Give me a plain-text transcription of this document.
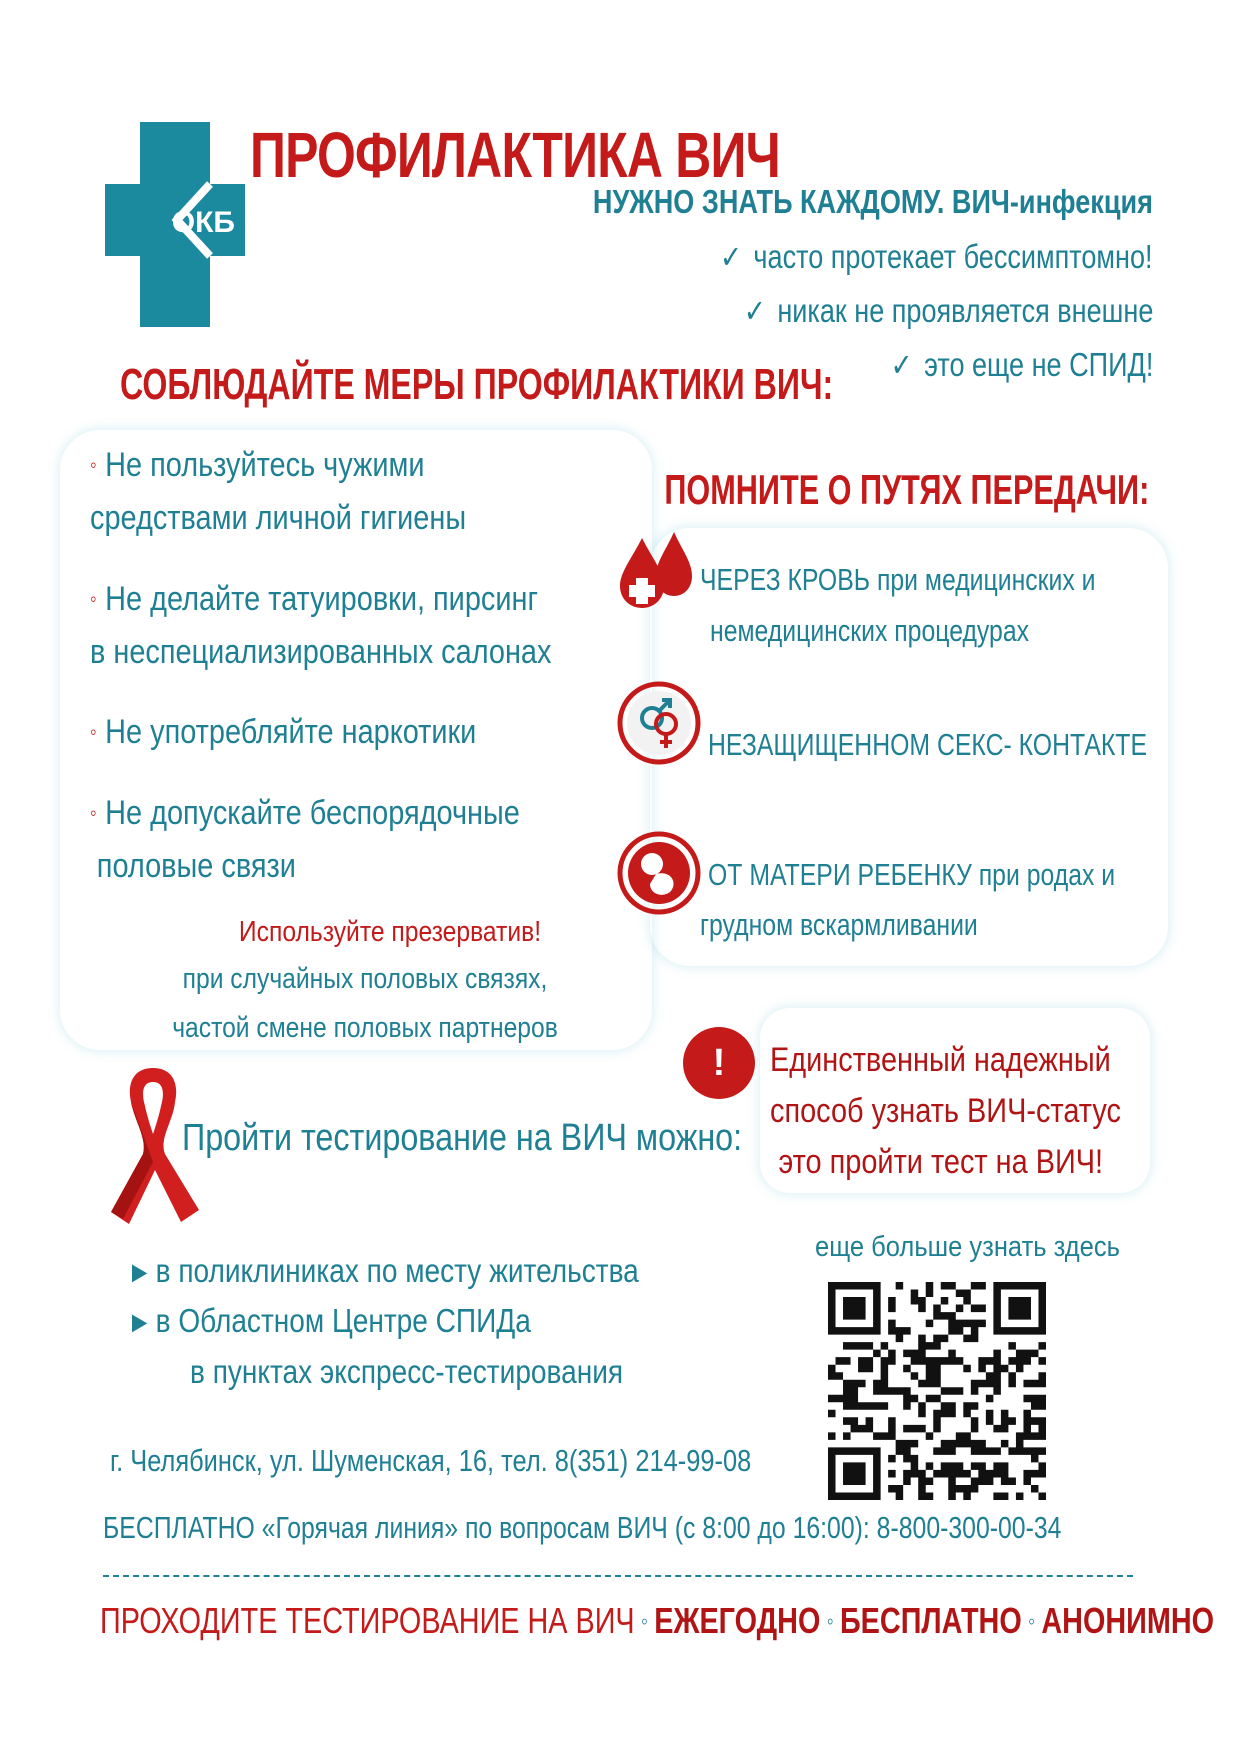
ОКБ
ПРОФИЛАКТИКА ВИЧ
НУЖНО ЗНАТЬ КАЖДОМУ. ВИЧ-инфекция
✓ часто протекает бессимптомно!
✓ никак не проявляется внешне
✓ это еще не СПИД!
СОБЛЮДАЙТЕ МЕРЫ ПРОФИЛАКТИКИ ВИЧ:
◦ Не пользуйтесь чужими
средствами личной гигиены
◦ Не делайте татуировки, пирсинг
в неспециализированных салонах
◦ Не употребляйте наркотики
◦ Не допускайте беспорядочные
половые связи
Используйте презерватив!
при случайных половых связях,
частой смене половых партнеров
ПОМНИТЕ О ПУТЯХ ПЕРЕДАЧИ:
ЧЕРЕЗ КРОВЬ при медицинских и
немедицинских процедурах
НЕЗАЩИЩЕННОМ СЕКС- КОНТАКТЕ
ОТ МАТЕРИ РЕБЕНКУ при родах и
грудном вскармливании
!	Единственный надежный
способ узнать ВИЧ-статус
это пройти тест на ВИЧ!
Пройти тестирование на ВИЧ можно:
► в поликлиниках по месту жительства
► в Областном Центре СПИДа
в пунктах экспресс-тестирования
еще больше узнать здесь
г. Челябинск, ул. Шуменская, 16, тел. 8(351) 214-99-08
БЕСПЛАТНО «Горячая линия» по вопросам ВИЧ (с 8:00 до 16:00): 8-800-300-00-34
ПРОХОДИТЕ ТЕСТИРОВАНИЕ НА ВИЧ ◦ ЕЖЕГОДНО ◦ БЕСПЛАТНО ◦ АНОНИМНО
